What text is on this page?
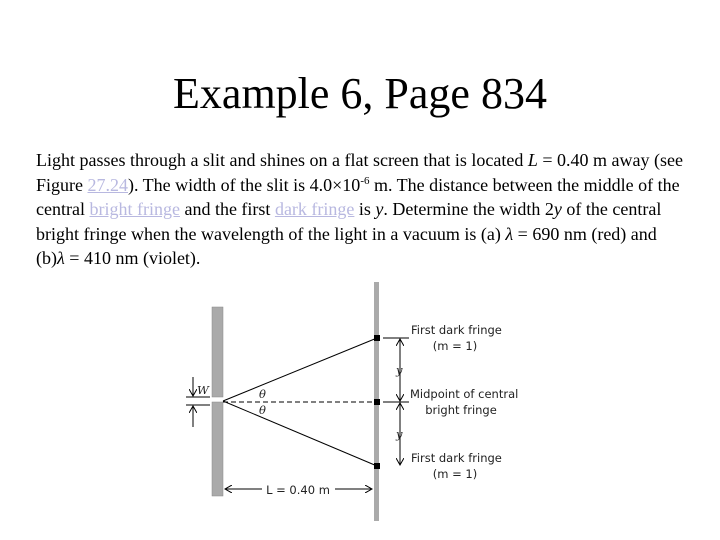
Example 6, Page 834
Light passes through a slit and shines on a flat screen that is located L = 0.40 m away (see Figure 27.24). The width of the slit is $4.0\times 10^{-6}$ m. The distance between the middle of the central bright fringe and the first dark fringe is y. Determine the width 2y of the central bright fringe when the wavelength of the light in a vacuum is (a) λ = 690 nm (red) and (b)λ = 410 nm (violet).
First dark fringe
(m = 1)
Midpoint of central
bright fringe
First dark fringe
(m = 1)
y
y
W	θ
θ
L = 0.40 m
